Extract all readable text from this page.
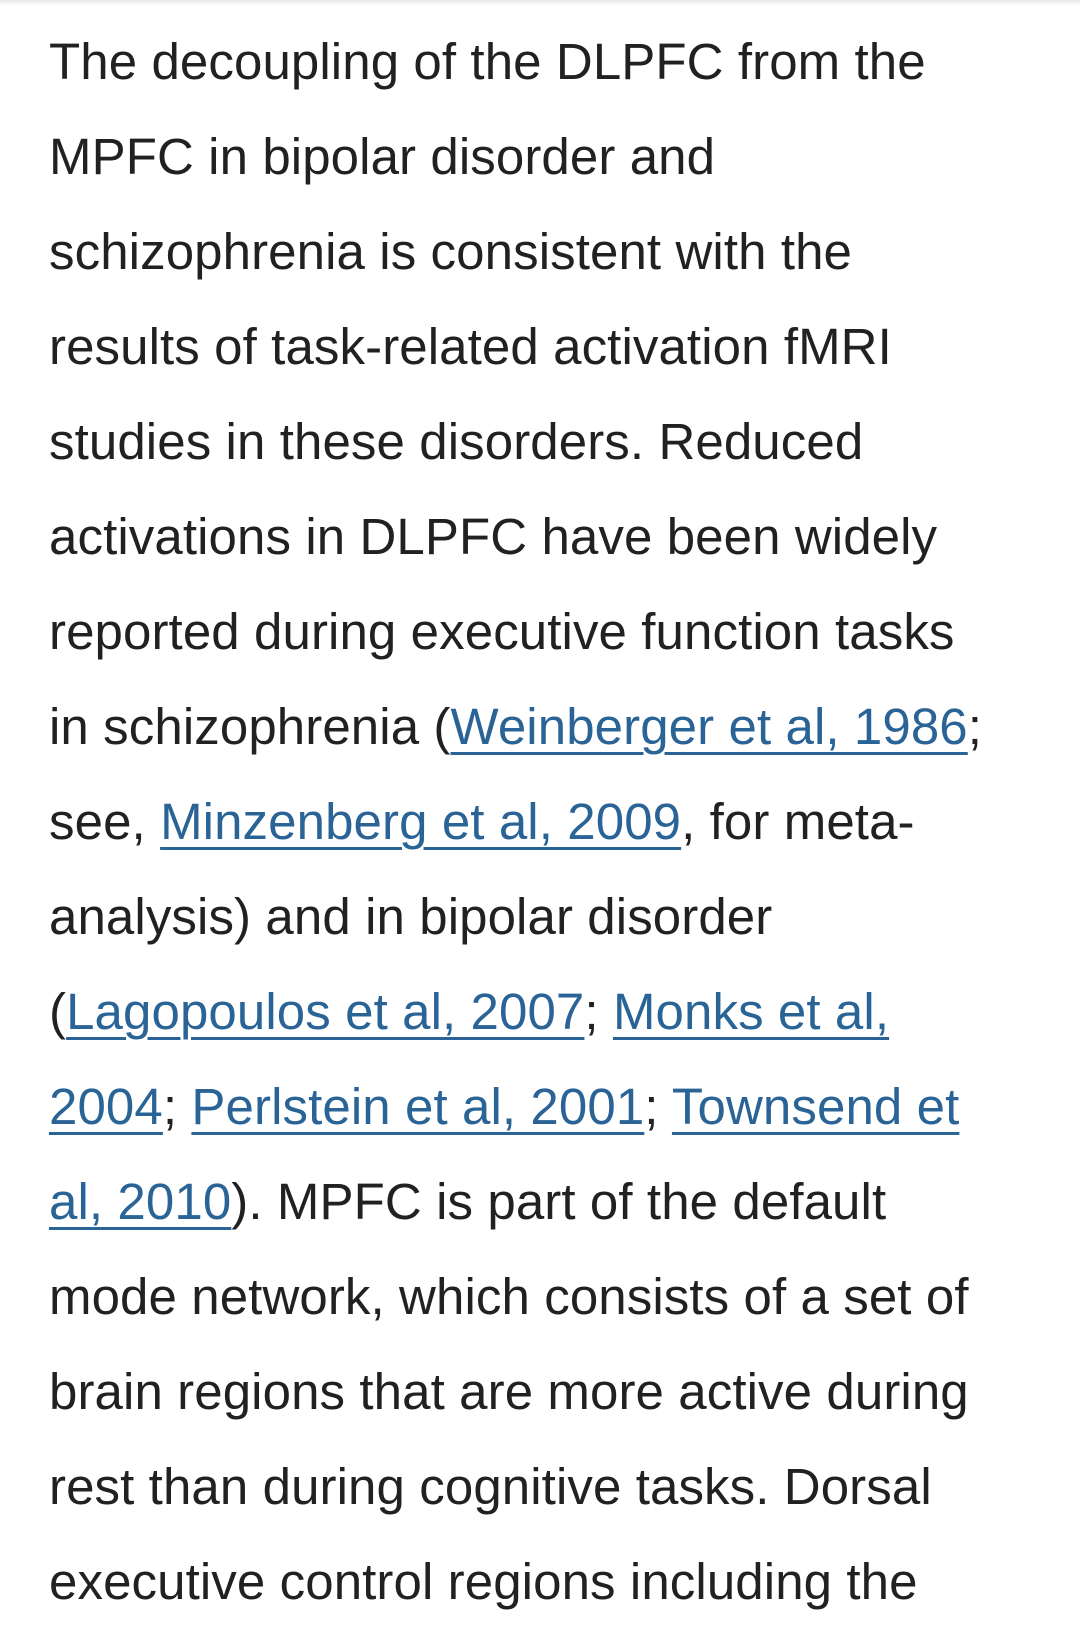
The decoupling of the DLPFC from the
MPFC in bipolar disorder and
schizophrenia is consistent with the
results of task-related activation fMRI
studies in these disorders. Reduced
activations in DLPFC have been widely
reported during executive function tasks
in schizophrenia (Weinberger et al, 1986;
see, Minzenberg et al, 2009, for meta-
analysis) and in bipolar disorder
(Lagopoulos et al, 2007; Monks et al,
2004; Perlstein et al, 2001; Townsend et
al, 2010). MPFC is part of the default
mode network, which consists of a set of
brain regions that are more active during
rest than during cognitive tasks. Dorsal
executive control regions including the
